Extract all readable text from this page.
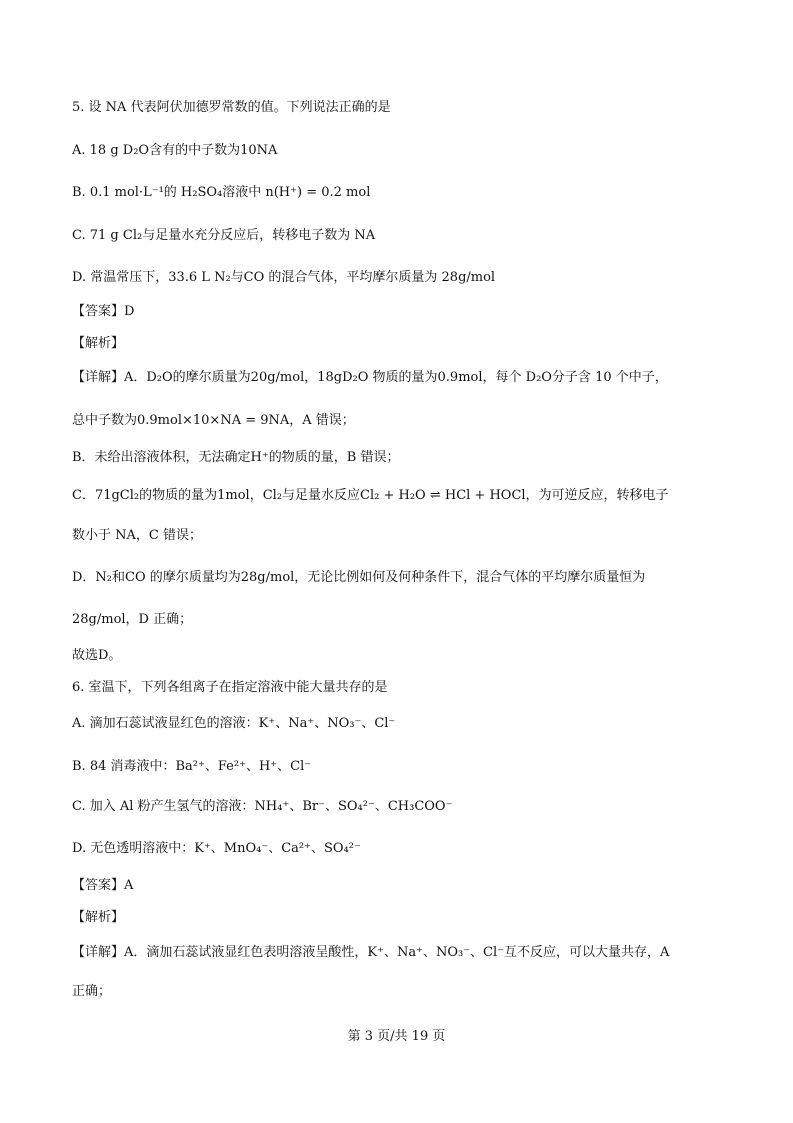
5. 设 NA 代表阿伏加德罗常数的值。下列说法正确的是
A. 18 g D₂O含有的中子数为10NA
B. 0.1 mol·L⁻¹的 H₂SO₄溶液中 n(H⁺) = 0.2 mol
C. 71 g Cl₂与足量水充分反应后，转移电子数为 NA
D. 常温常压下，33.6 L N₂与CO 的混合气体，平均摩尔质量为 28g/mol
【答案】D
【解析】
【详解】A．D₂O的摩尔质量为20g/mol，18gD₂O 物质的量为0.9mol，每个 D₂O分子含 10 个中子，
总中子数为0.9mol×10×NA = 9NA，A 错误；
B．未给出溶液体积，无法确定H⁺的物质的量，B 错误；
C．71gCl₂的物质的量为1mol，Cl₂与足量水反应Cl₂ + H₂O ⇌ HCl + HOCl，为可逆反应，转移电子
数小于 NA，C 错误；
D．N₂和CO 的摩尔质量均为28g/mol，无论比例如何及何种条件下，混合气体的平均摩尔质量恒为
28g/mol，D 正确；
故选D。
6. 室温下，下列各组离子在指定溶液中能大量共存的是
A. 滴加石蕊试液显红色的溶液：K⁺、Na⁺、NO₃⁻、Cl⁻
B. 84 消毒液中：Ba²⁺、Fe²⁺、H⁺、Cl⁻
C. 加入 Al 粉产生氢气的溶液：NH₄⁺、Br⁻、SO₄²⁻、CH₃COO⁻
D. 无色透明溶液中：K⁺、MnO₄⁻、Ca²⁺、SO₄²⁻
【答案】A
【解析】
【详解】A．滴加石蕊试液显红色表明溶液呈酸性，K⁺、Na⁺、NO₃⁻、Cl⁻互不反应，可以大量共存，A
正确；
第 3 页/共 19 页
